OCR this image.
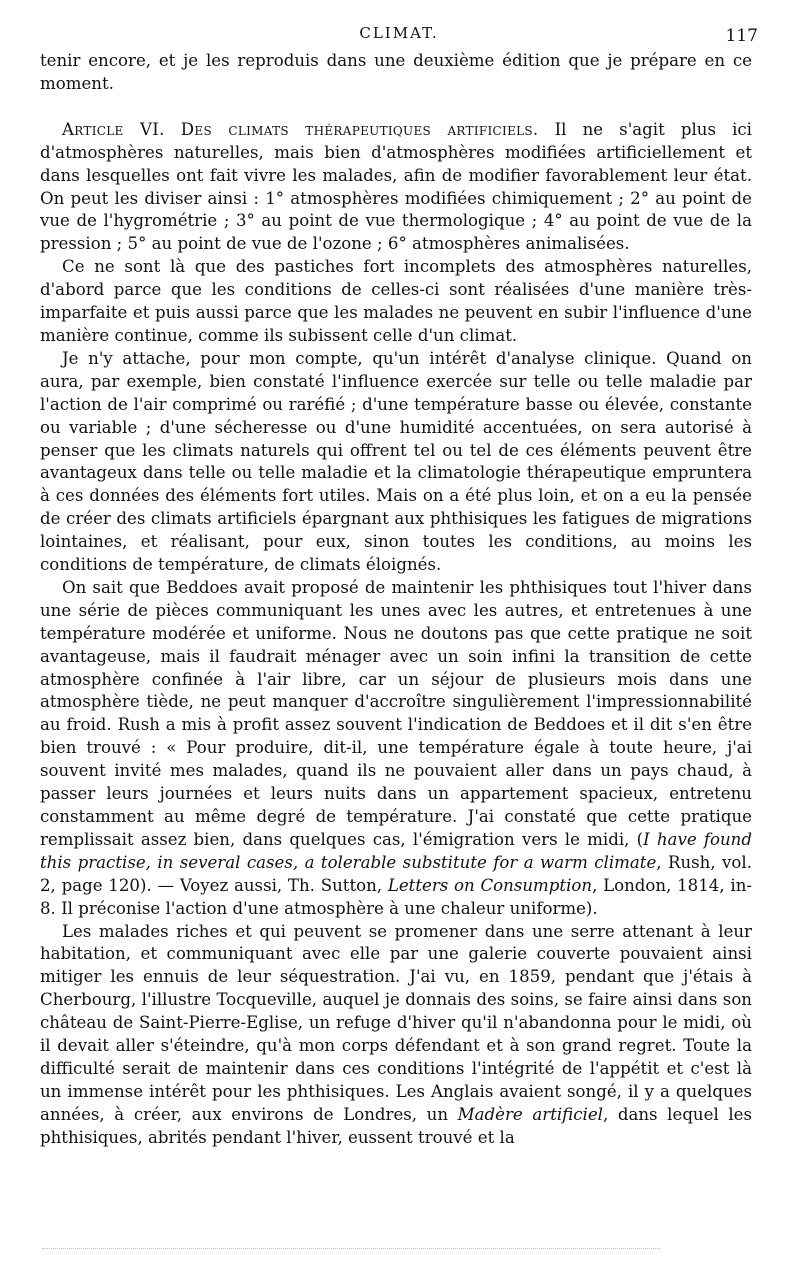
CLIMAT.	117

tenir encore, et je les reproduis dans une deuxième édition que je prépare en ce moment.

Article VI. Des climats thérapeutiques artificiels. Il ne s'agit plus ici d'atmosphères naturelles, mais bien d'atmosphères modifiées artificiellement et dans lesquelles ont fait vivre les malades, afin de modifier favorablement leur état. On peut les diviser ainsi : 1° atmosphères modifiées chimiquement ; 2° au point de vue de l'hygrométrie ; 3° au point de vue thermologique ; 4° au point de vue de la pression ; 5° au point de vue de l'ozone ; 6° atmosphères animalisées.

Ce ne sont là que des pastiches fort incomplets des atmosphères naturelles, d'abord parce que les conditions de celles-ci sont réalisées d'une manière très-imparfaite et puis aussi parce que les malades ne peuvent en subir l'influence d'une manière continue, comme ils subissent celle d'un climat.

Je n'y attache, pour mon compte, qu'un intérêt d'analyse clinique. Quand on aura, par exemple, bien constaté l'influence exercée sur telle ou telle maladie par l'action de l'air comprimé ou raréfié ; d'une température basse ou élevée, constante ou variable ; d'une sécheresse ou d'une humidité accentuées, on sera autorisé à penser que les climats naturels qui offrent tel ou tel de ces éléments peuvent être avantageux dans telle ou telle maladie et la climatologie thérapeutique empruntera à ces données des éléments fort utiles. Mais on a été plus loin, et on a eu la pensée de créer des climats artificiels épargnant aux phthisiques les fatigues de migrations lointaines, et réalisant, pour eux, sinon toutes les conditions, au moins les conditions de température, de climats éloignés.

On sait que Beddoes avait proposé de maintenir les phthisiques tout l'hiver dans une série de pièces communiquant les unes avec les autres, et entretenues à une température modérée et uniforme. Nous ne doutons pas que cette pratique ne soit avantageuse, mais il faudrait ménager avec un soin infini la transition de cette atmosphère confinée à l'air libre, car un séjour de plusieurs mois dans une atmosphère tiède, ne peut manquer d'accroître singulièrement l'impressionnabilité au froid. Rush a mis à profit assez souvent l'indication de Beddoes et il dit s'en être bien trouvé : « Pour produire, dit-il, une température égale à toute heure, j'ai souvent invité mes malades, quand ils ne pouvaient aller dans un pays chaud, à passer leurs journées et leurs nuits dans un appartement spacieux, entretenu constamment au même degré de température. J'ai constaté que cette pratique remplissait assez bien, dans quelques cas, l'émigration vers le midi, (I have found this practise, in several cases, a tolerable substitute for a warm climate, Rush, vol. 2, page 120). — Voyez aussi, Th. Sutton, Letters on Consumption, London, 1814, in-8. Il préconise l'action d'une atmosphère à une chaleur uniforme).

Les malades riches et qui peuvent se promener dans une serre attenant à leur habitation, et communiquant avec elle par une galerie couverte pouvaient ainsi mitiger les ennuis de leur séquestration. J'ai vu, en 1859, pendant que j'étais à Cherbourg, l'illustre Tocqueville, auquel je donnais des soins, se faire ainsi dans son château de Saint-Pierre-Eglise, un refuge d'hiver qu'il n'abandonna pour le midi, où il devait aller s'éteindre, qu'à mon corps défendant et à son grand regret. Toute la difficulté serait de maintenir dans ces conditions l'intégrité de l'appétit et c'est là un immense intérêt pour les phthisiques. Les Anglais avaient songé, il y a quelques années, à créer, aux environs de Londres, un Madère artificiel, dans lequel les phthisiques, abrités pendant l'hiver, eussent trouvé et la
